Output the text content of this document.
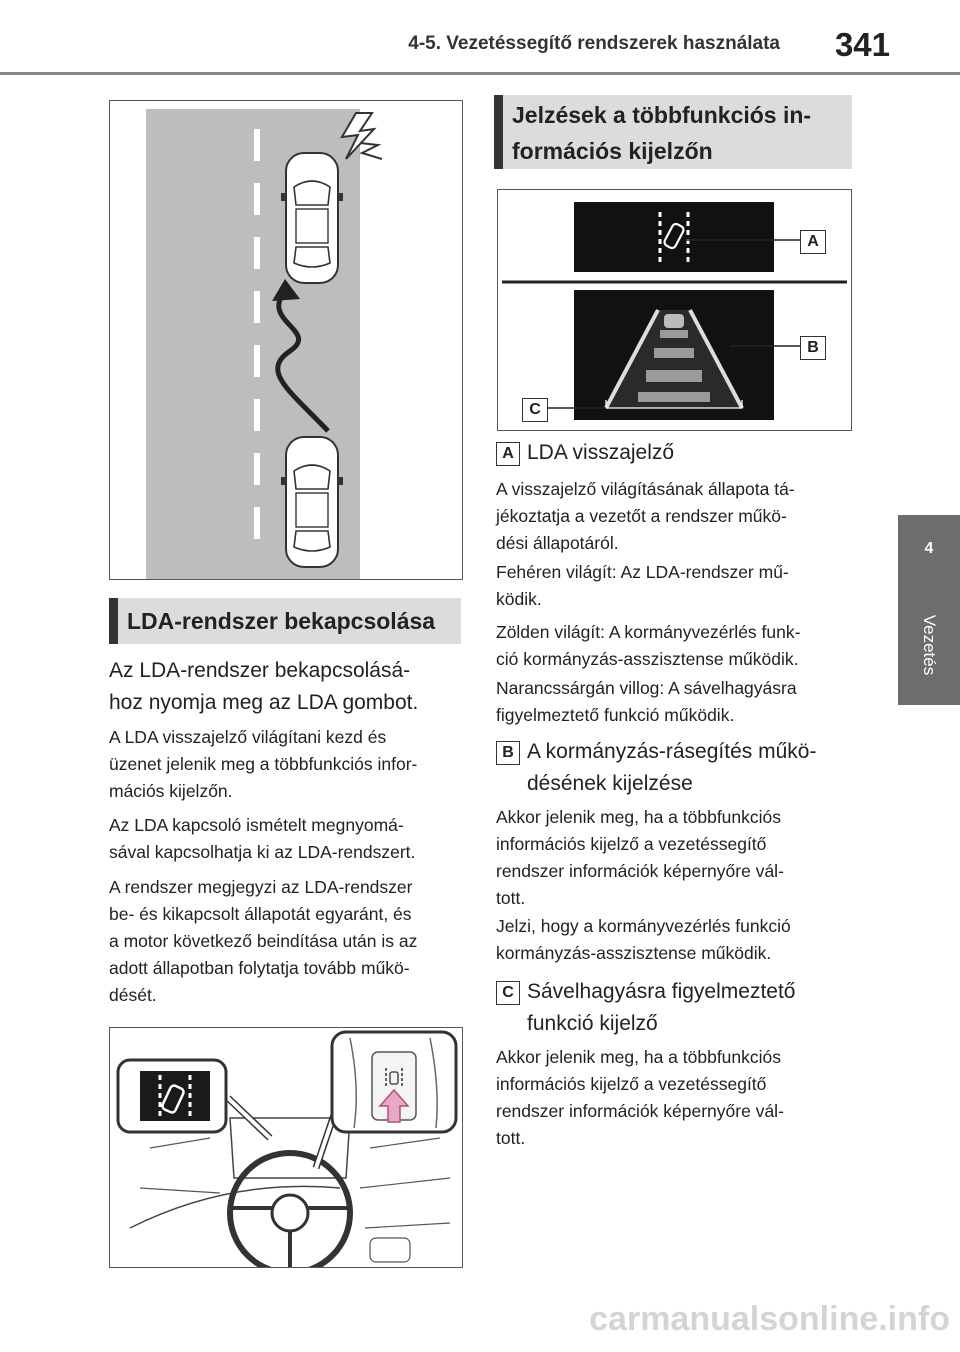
4-5. Vezetéssegítő rendszerek használata	341
4
Vezetés
LDA-rendszer bekapcsolása
Az LDA-rendszer bekapcsolásá-
hoz nyomja meg az LDA gombot.
A LDA visszajelző világítani kezd és
üzenet jelenik meg a többfunkciós infor-
mációs kijelzőn.
Az LDA kapcsoló ismételt megnyomá-
sával kapcsolhatja ki az LDA-rendszert.
A rendszer megjegyzi az LDA-rendszer
be- és kikapcsolt állapotát egyaránt, és
a motor következő beindítása után is az
adott állapotban folytatja tovább műkö-
dését.
Jelzések a többfunkciós in-
formációs kijelzőn
A
B
C
A LDA visszajelző
A visszajelző világításának állapota tá-
jékoztatja a vezetőt a rendszer műkö-
dési állapotáról.
Fehéren világít: Az LDA-rendszer mű-
ködik.
Zölden világít: A kormányvezérlés funk-
ció kormányzás-asszisztense működik.
Narancssárgán villog: A sávelhagyásra
figyelmeztető funkció működik.
B A kormányzás-rásegítés műkö-
désének kijelzése
Akkor jelenik meg, ha a többfunkciós
információs kijelző a vezetéssegítő
rendszer információk képernyőre vál-
tott.
Jelzi, hogy a kormányvezérlés funkció
kormányzás-asszisztense működik.
C Sávelhagyásra figyelmeztető
funkció kijelző
Akkor jelenik meg, ha a többfunkciós
információs kijelző a vezetéssegítő
rendszer információk képernyőre vál-
tott.
carmanualsonline.info
